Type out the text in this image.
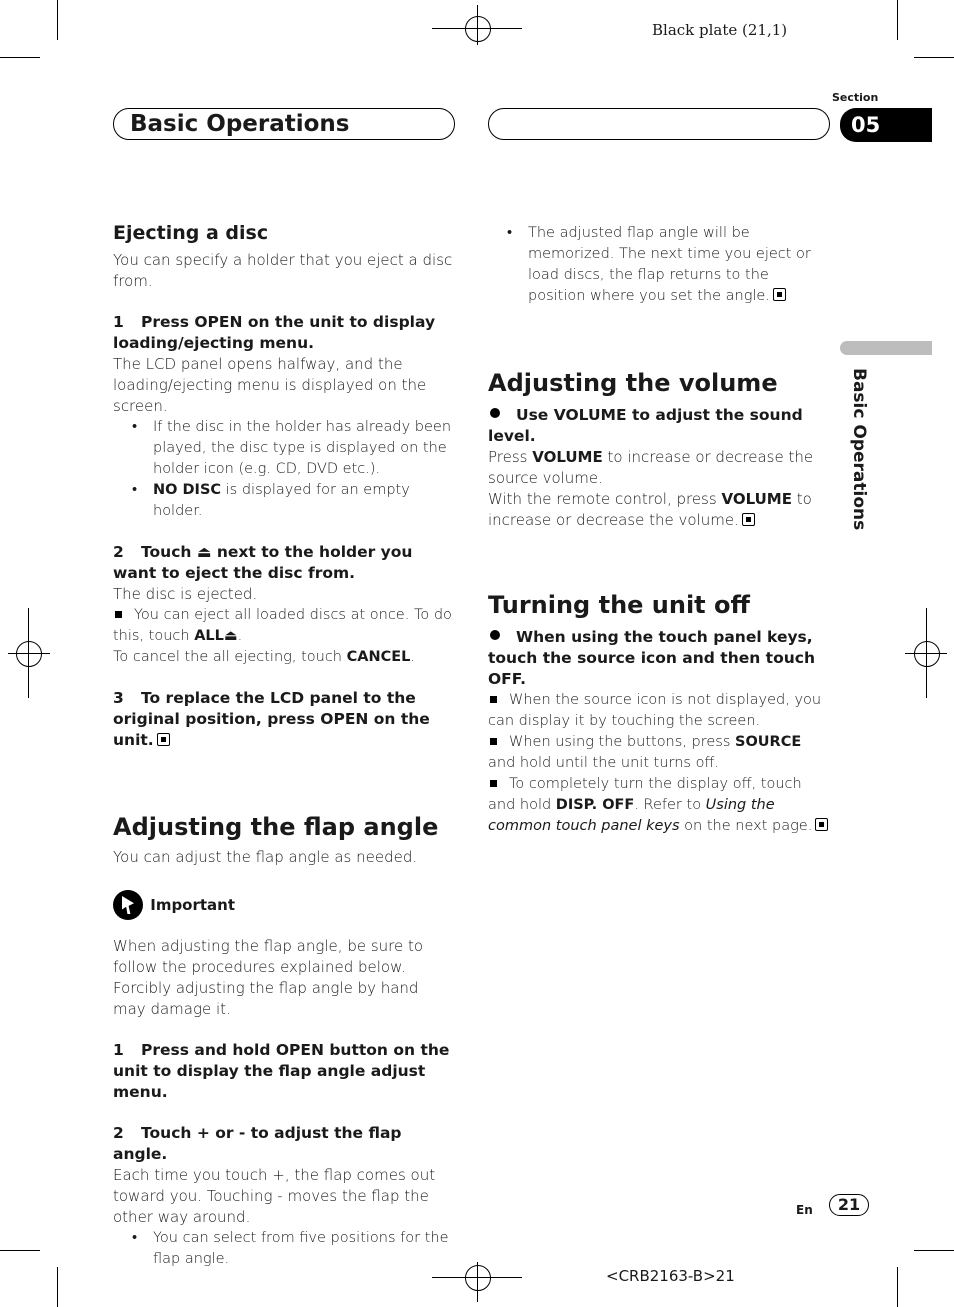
Black plate (21,1)
Basic Operations
Section
05
Basic Operations
Ejecting a disc

You can specify a holder that you eject a disc from.

1 Press OPEN on the unit to display loading/ejecting menu.

The LCD panel opens halfway, and the loading/ejecting menu is displayed on the screen.

• If the disc in the holder has already been played, the disc type is displayed on the holder icon (e.g. CD, DVD etc.).

• NO DISC is displayed for an empty holder.

2 Touch ⏏ next to the holder you want to eject the disc from.

The disc is ejected.

You can eject all loaded discs at once. To do this, touch ALL⏏.

To cancel the all ejecting, touch CANCEL.

3 To replace the LCD panel to the original position, press OPEN on the unit.

Adjusting the flap angle

You can adjust the flap angle as needed.

Important

When adjusting the flap angle, be sure to follow the procedures explained below. Forcibly adjusting the flap angle by hand may damage it.

1 Press and hold OPEN button on the unit to display the flap angle adjust menu.

2 Touch + or - to adjust the flap angle.

Each time you touch +, the flap comes out toward you. Touching - moves the flap the other way around.

• You can select from five positions for the flap angle.

• The adjusted flap angle will be memorized. The next time you eject or load discs, the flap returns to the position where you set the angle.

Adjusting the volume

Use VOLUME to adjust the sound level.

Press VOLUME to increase or decrease the source volume.

With the remote control, press VOLUME to increase or decrease the volume.

Turning the unit off

When using the touch panel keys, touch the source icon and then touch OFF.

When the source icon is not displayed, you can display it by touching the screen.

When using the buttons, press SOURCE and hold until the unit turns off.

To completely turn the display off, touch and hold DISP. OFF. Refer to Using the common touch panel keys on the next page.

En	21
<CRB2163-B>21
